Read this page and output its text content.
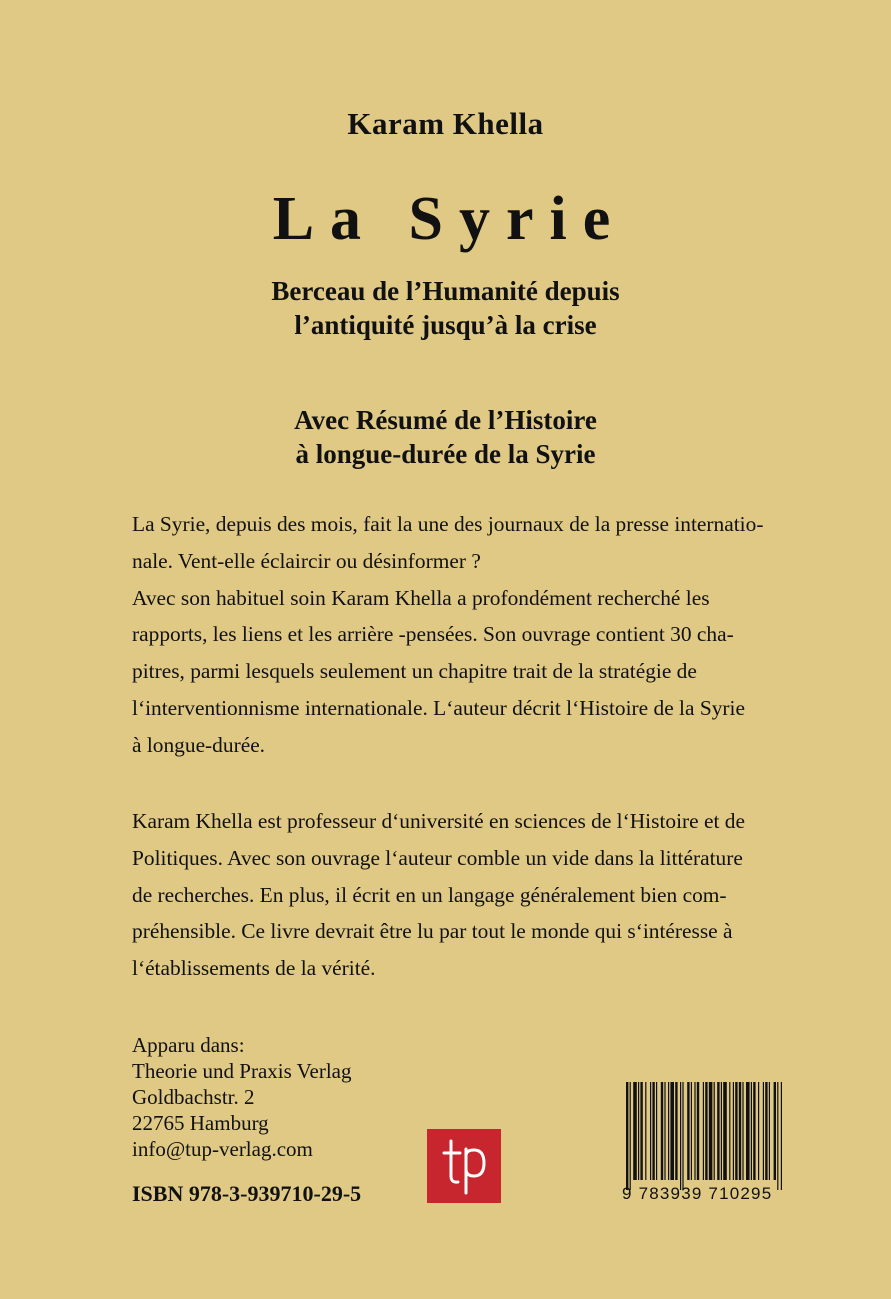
Karam Khella
La Syrie
Berceau de l’Humanité depuis
l’antiquité jusqu’à la crise
Avec Résumé de l’Histoire
à longue-durée de la Syrie
La Syrie, depuis des mois, fait la une des journaux de la presse internatio-
nale. Vent-elle éclaircir ou désinformer ?
Avec son habituel soin Karam Khella a profondément recherché les
rapports, les liens et les arrière -pensées. Son ouvrage contient 30 cha-
pitres, parmi lesquels seulement un chapitre trait de la stratégie de
l‘interventionnisme internationale. L‘auteur décrit l‘Histoire de la Syrie
à longue-durée.
Karam Khella est professeur d‘université en sciences de l‘Histoire et de
Politiques. Avec son ouvrage l‘auteur comble un vide dans la littérature
de recherches. En plus, il écrit en un langage généralement bien com-
préhensible. Ce livre devrait être lu par tout le monde qui s‘intéresse à
l‘établissements de la vérité.
Apparu dans:
Theorie und Praxis Verlag
Goldbachstr. 2
22765 Hamburg
info@tup-verlag.com
ISBN 978-3-939710-29-5	9 783939 710295
